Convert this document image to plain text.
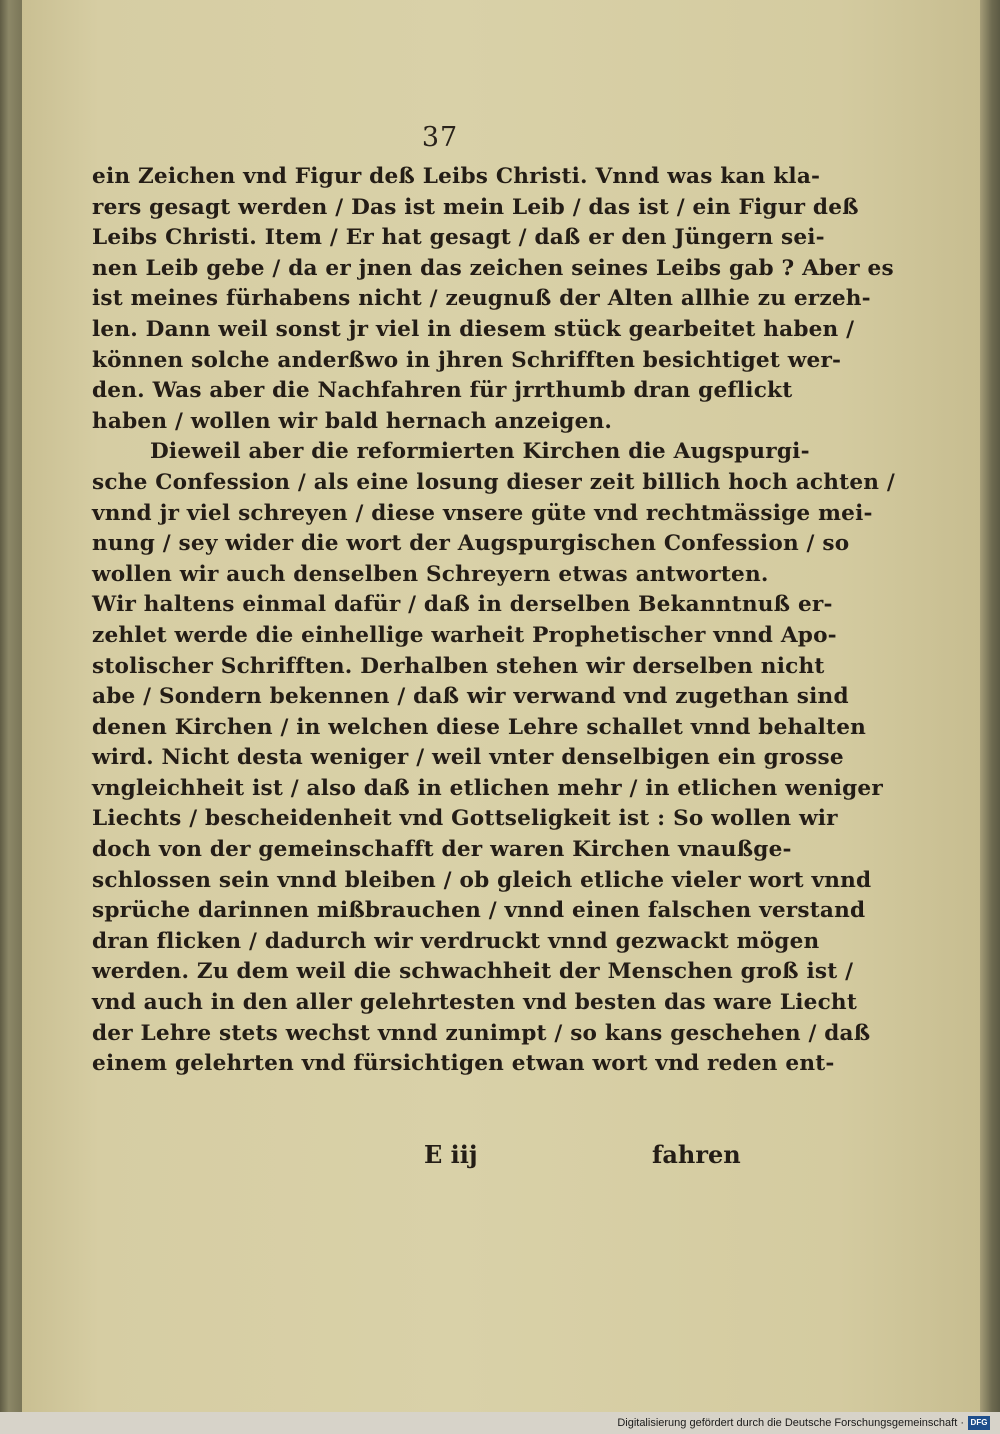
37
ein Zeichen vnd Figur deß Leibs Christi. Vnnd was kan kla-
rers gesagt werden / Das ist mein Leib / das ist / ein Figur deß
Leibs Christi. Item / Er hat gesagt / daß er den Jüngern sei-
nen Leib gebe / da er jnen das zeichen seines Leibs gab ? Aber es
ist meines fürhabens nicht / zeugnuß der Alten allhie zu erzeh-
len. Dann weil sonst jr viel in diesem stück gearbeitet haben /
können solche anderßwo in jhren Schrifften besichtiget wer-
den. Was aber die Nachfahren für jrrthumb dran geflickt
haben / wollen wir bald hernach anzeigen.
Dieweil aber die reformierten Kirchen die Augspurgi-
sche Confession / als eine losung dieser zeit billich hoch achten /
vnnd jr viel schreyen / diese vnsere güte vnd rechtmässige mei-
nung / sey wider die wort der Augspurgischen Confession / so
wollen wir auch denselben Schreyern etwas antworten.
Wir haltens einmal dafür / daß in derselben Bekanntnuß er-
zehlet werde die einhellige warheit Prophetischer vnnd Apo-
stolischer Schrifften. Derhalben stehen wir derselben nicht
abe / Sondern bekennen / daß wir verwand vnd zugethan sind
denen Kirchen / in welchen diese Lehre schallet vnnd behalten
wird. Nicht desta weniger / weil vnter denselbigen ein grosse
vngleichheit ist / also daß in etlichen mehr / in etlichen weniger
Liechts / bescheidenheit vnd Gottseligkeit ist : So wollen wir
doch von der gemeinschafft der waren Kirchen vnaußge-
schlossen sein vnnd bleiben / ob gleich etliche vieler wort vnnd
sprüche darinnen mißbrauchen / vnnd einen falschen verstand
dran flicken / dadurch wir verdruckt vnnd gezwackt mögen
werden. Zu dem weil die schwachheit der Menschen groß ist /
vnd auch in den aller gelehrtesten vnd besten das ware Liecht
der Lehre stets wechst vnnd zunimpt / so kans geschehen / daß
einem gelehrten vnd fürsichtigen etwan wort vnd reden ent-
E iij	fahren
Digitalisierung gefördert durch die Deutsche Forschungsgemeinschaft · DFG
